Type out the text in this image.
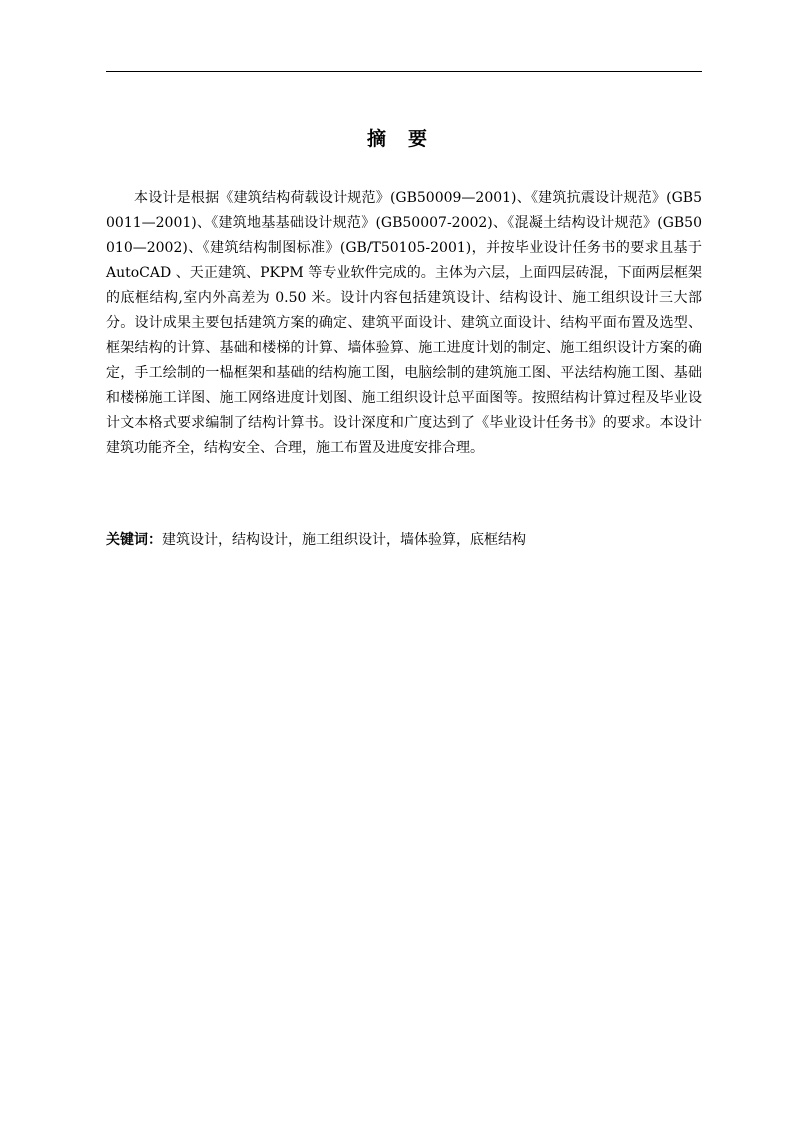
摘要

本设计是根据《建筑结构荷载设计规范》(GB50009—2001)、《建筑抗震设计规范》(GB50011—2001)、《建筑地基基础设计规范》(GB50007-2002)、《混凝土结构设计规范》(GB50010—2002)、《建筑结构制图标准》(GB/T50105-2001)，并按毕业设计任务书的要求且基于 AutoCAD 、天正建筑、PKPM 等专业软件完成的。主体为六层，上面四层砖混，下面两层框架的底框结构,室内外高差为 0.50 米。设计内容包括建筑设计、结构设计、施工组织设计三大部分。设计成果主要包括建筑方案的确定、建筑平面设计、建筑立面设计、结构平面布置及选型、框架结构的计算、基础和楼梯的计算、墙体验算、施工进度计划的制定、施工组织设计方案的确定，手工绘制的一榀框架和基础的结构施工图，电脑绘制的建筑施工图、平法结构施工图、基础和楼梯施工详图、施工网络进度计划图、施工组织设计总平面图等。按照结构计算过程及毕业设计文本格式要求编制了结构计算书。设计深度和广度达到了《毕业设计任务书》的要求。本设计建筑功能齐全，结构安全、合理，施工布置及进度安排合理。

关键词：建筑设计，结构设计，施工组织设计，墙体验算，底框结构
